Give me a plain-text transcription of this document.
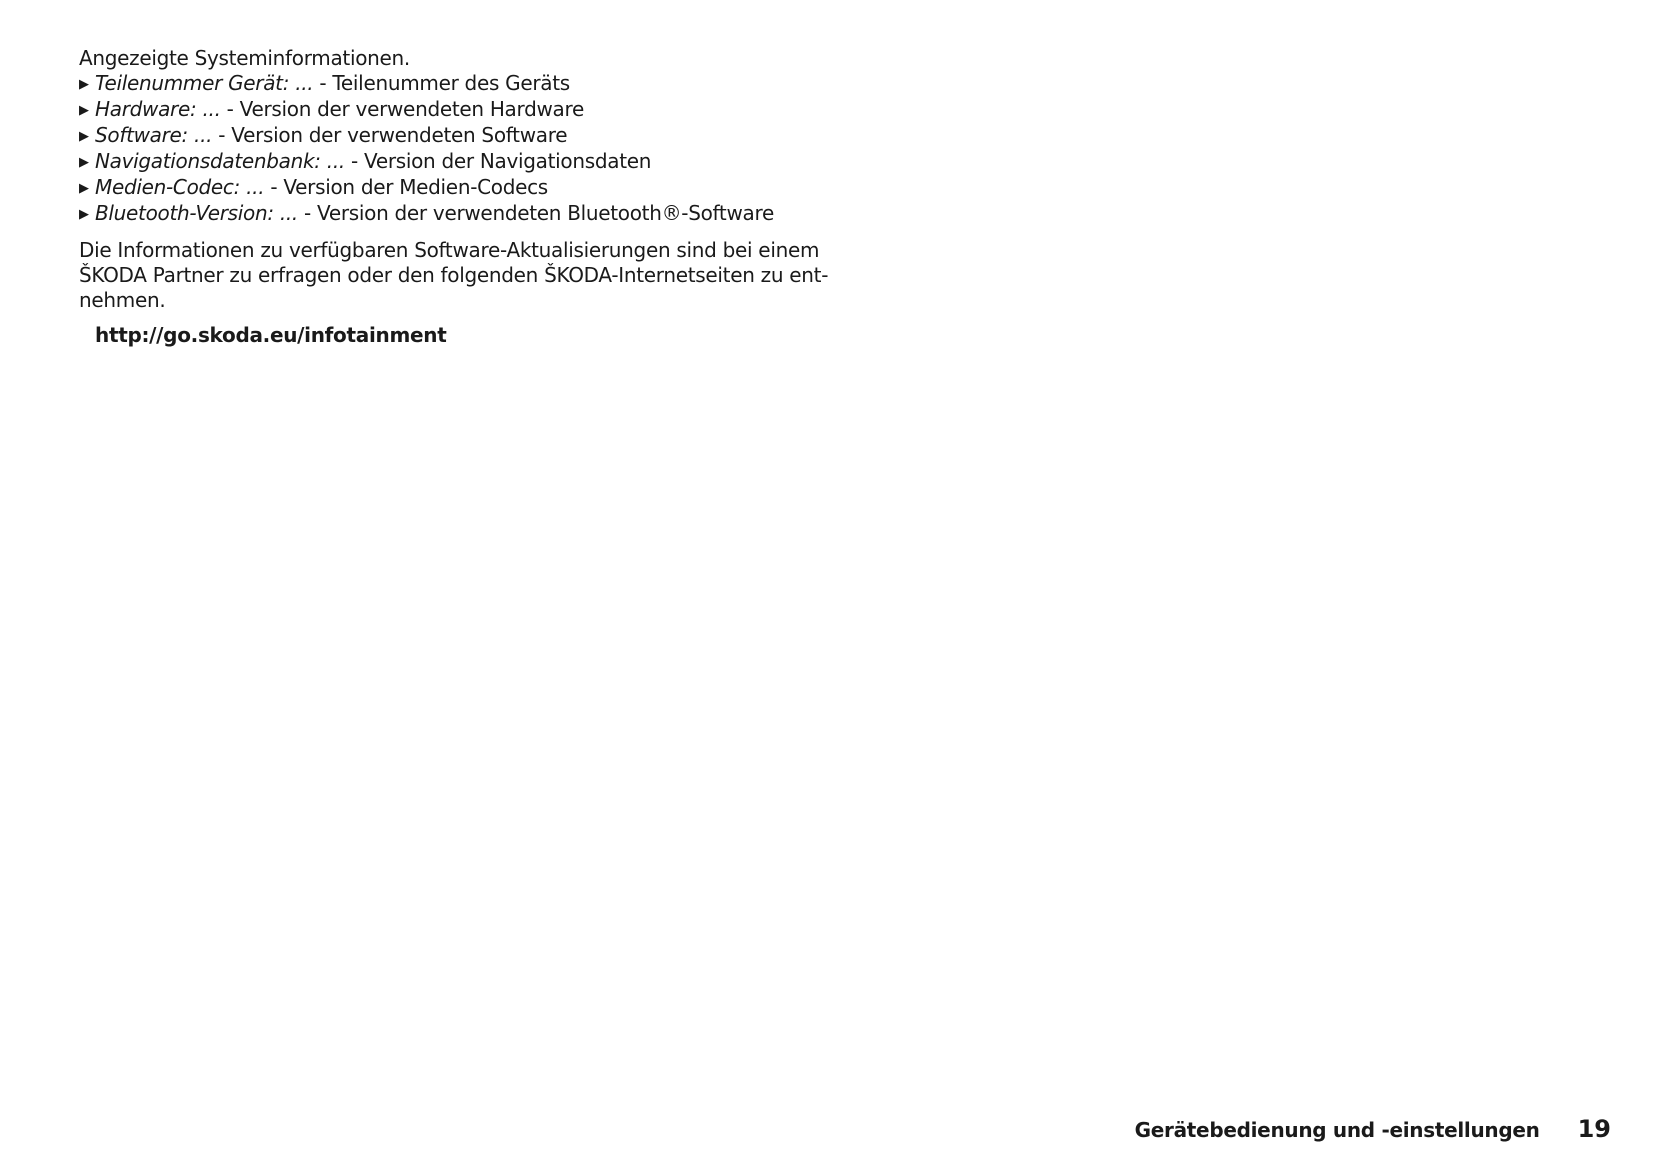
Angezeigte Systeminformationen.

▶ Teilenummer Gerät: ... - Teilenummer des Geräts
▶ Hardware: ... - Version der verwendeten Hardware
▶ Software: ... - Version der verwendeten Software
▶ Navigationsdatenbank: ... - Version der Navigationsdaten
▶ Medien-Codec: ... - Version der Medien-Codecs
▶ Bluetooth-Version: ... - Version der verwendeten Bluetooth®-Software

Die Informationen zu verfügbaren Software-Aktualisierungen sind bei einem
ŠKODA Partner zu erfragen oder den folgenden ŠKODA-Internetseiten zu ent-
nehmen.

http://go.skoda.eu/infotainment
Gerätebedienung und -einstellungen 19
